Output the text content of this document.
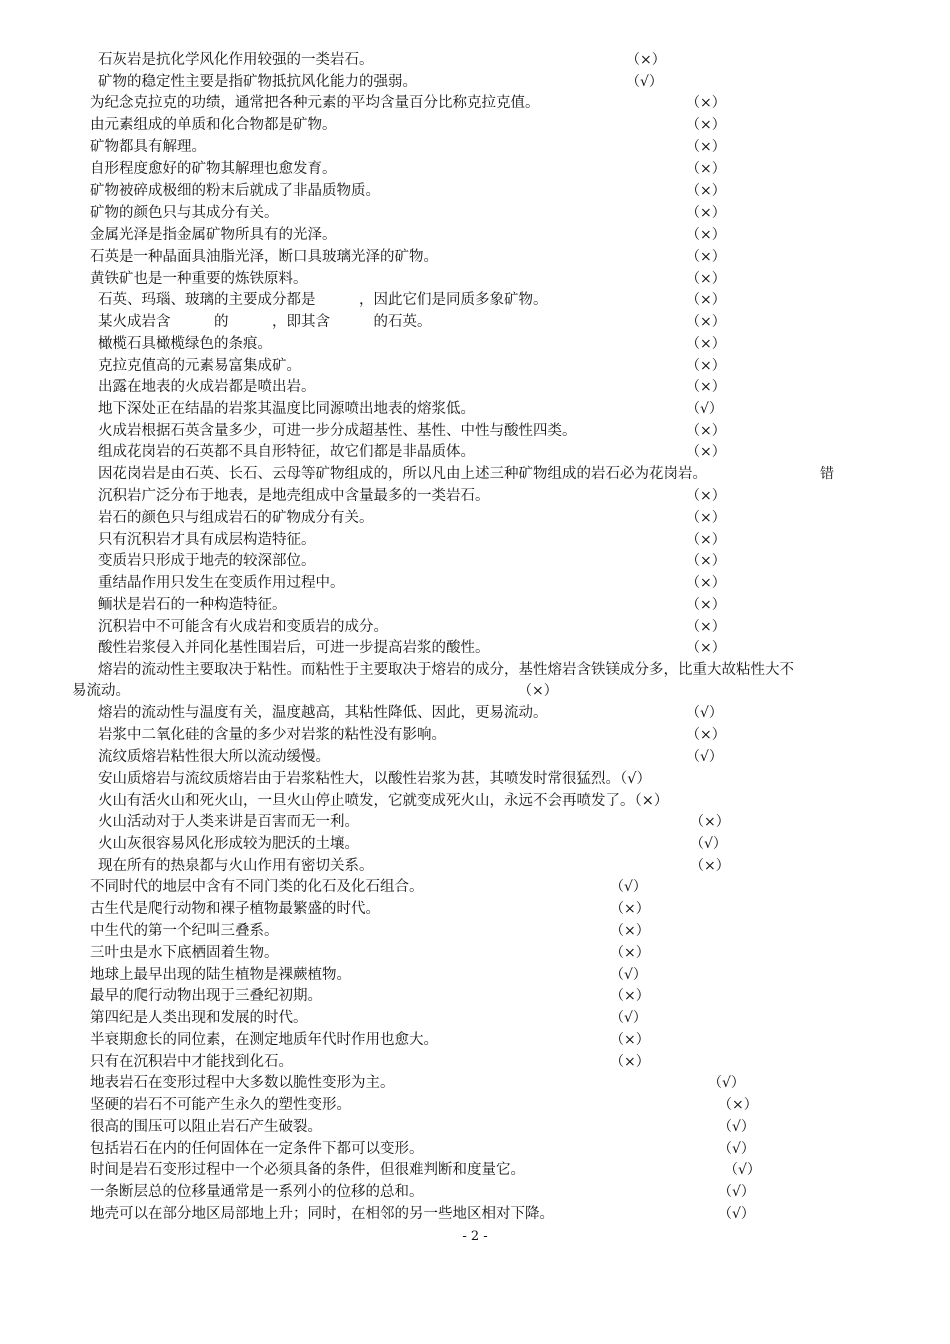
石灰岩是抗化学风化作用较强的一类岩石。	（×）
矿物的稳定性主要是指矿物抵抗风化能力的强弱。	（√）
为纪念克拉克的功绩，通常把各种元素的平均含量百分比称克拉克值。	（×）
由元素组成的单质和化合物都是矿物。	（×）
矿物都具有解理。	（×）
自形程度愈好的矿物其解理也愈发育。	（×）
矿物被碎成极细的粉末后就成了非晶质物质。	（×）
矿物的颜色只与其成分有关。	（×）
金属光泽是指金属矿物所具有的光泽。	（×）
石英是一种晶面具油脂光泽，断口具玻璃光泽的矿物。	（×）
黄铁矿也是一种重要的炼铁原料。	（×）
石英、玛瑙、玻璃的主要成分都是　　　，因此它们是同质多象矿物。	（×）
某火成岩含　　　的　　　，即其含　　　的石英。	（×）
橄榄石具橄榄绿色的条痕。	（×）
克拉克值高的元素易富集成矿。	（×）
出露在地表的火成岩都是喷出岩。	（×）
地下深处正在结晶的岩浆其温度比同源喷出地表的熔浆低。	（√）
火成岩根据石英含量多少，可进一步分成超基性、基性、中性与酸性四类。	（×）
组成花岗岩的石英都不具自形特征，故它们都是非晶质体。	（×）
因花岗岩是由石英、长石、云母等矿物组成的，所以凡由上述三种矿物组成的岩石必为花岗岩。	错
沉积岩广泛分布于地表，是地壳组成中含量最多的一类岩石。	（×）
岩石的颜色只与组成岩石的矿物成分有关。	（×）
只有沉积岩才具有成层构造特征。	（×）
变质岩只形成于地壳的较深部位。	（×）
重结晶作用只发生在变质作用过程中。	（×）
鲕状是岩石的一种构造特征。	（×）
沉积岩中不可能含有火成岩和变质岩的成分。	（×）
酸性岩浆侵入并同化基性围岩后，可进一步提高岩浆的酸性。	（×）
熔岩的流动性主要取决于粘性。而粘性于主要取决于熔岩的成分，基性熔岩含铁镁成分多，比重大故粘性大不
易流动。	（×）
熔岩的流动性与温度有关，温度越高，其粘性降低、因此，更易流动。	（√）
岩浆中二氧化硅的含量的多少对岩浆的粘性没有影响。	（×）
流纹质熔岩粘性很大所以流动缓慢。	（√）
安山质熔岩与流纹质熔岩由于岩浆粘性大，以酸性岩浆为甚，其喷发时常很猛烈。（√）
火山有活火山和死火山，一旦火山停止喷发，它就变成死火山，永远不会再喷发了。（×）
火山活动对于人类来讲是百害而无一利。	（×）
火山灰很容易风化形成较为肥沃的土壤。	（√）
现在所有的热泉都与火山作用有密切关系。	（×）
不同时代的地层中含有不同门类的化石及化石组合。	（√）
古生代是爬行动物和裸子植物最繁盛的时代。	（×）
中生代的第一个纪叫三叠系。	（×）
三叶虫是水下底栖固着生物。	（×）
地球上最早出现的陆生植物是裸蕨植物。	（√）
最早的爬行动物出现于三叠纪初期。	（×）
第四纪是人类出现和发展的时代。	（√）
半衰期愈长的同位素，在测定地质年代时作用也愈大。	（×）
只有在沉积岩中才能找到化石。	（×）
地表岩石在变形过程中大多数以脆性变形为主。	（√）
坚硬的岩石不可能产生永久的塑性变形。	（×）
很高的围压可以阻止岩石产生破裂。	（√）
包括岩石在内的任何固体在一定条件下都可以变形。	（√）
时间是岩石变形过程中一个必须具备的条件，但很难判断和度量它。	（√）
一条断层总的位移量通常是一系列小的位移的总和。	（√）
地壳可以在部分地区局部地上升；同时，在相邻的另一些地区相对下降。	（√）
- 2 -
